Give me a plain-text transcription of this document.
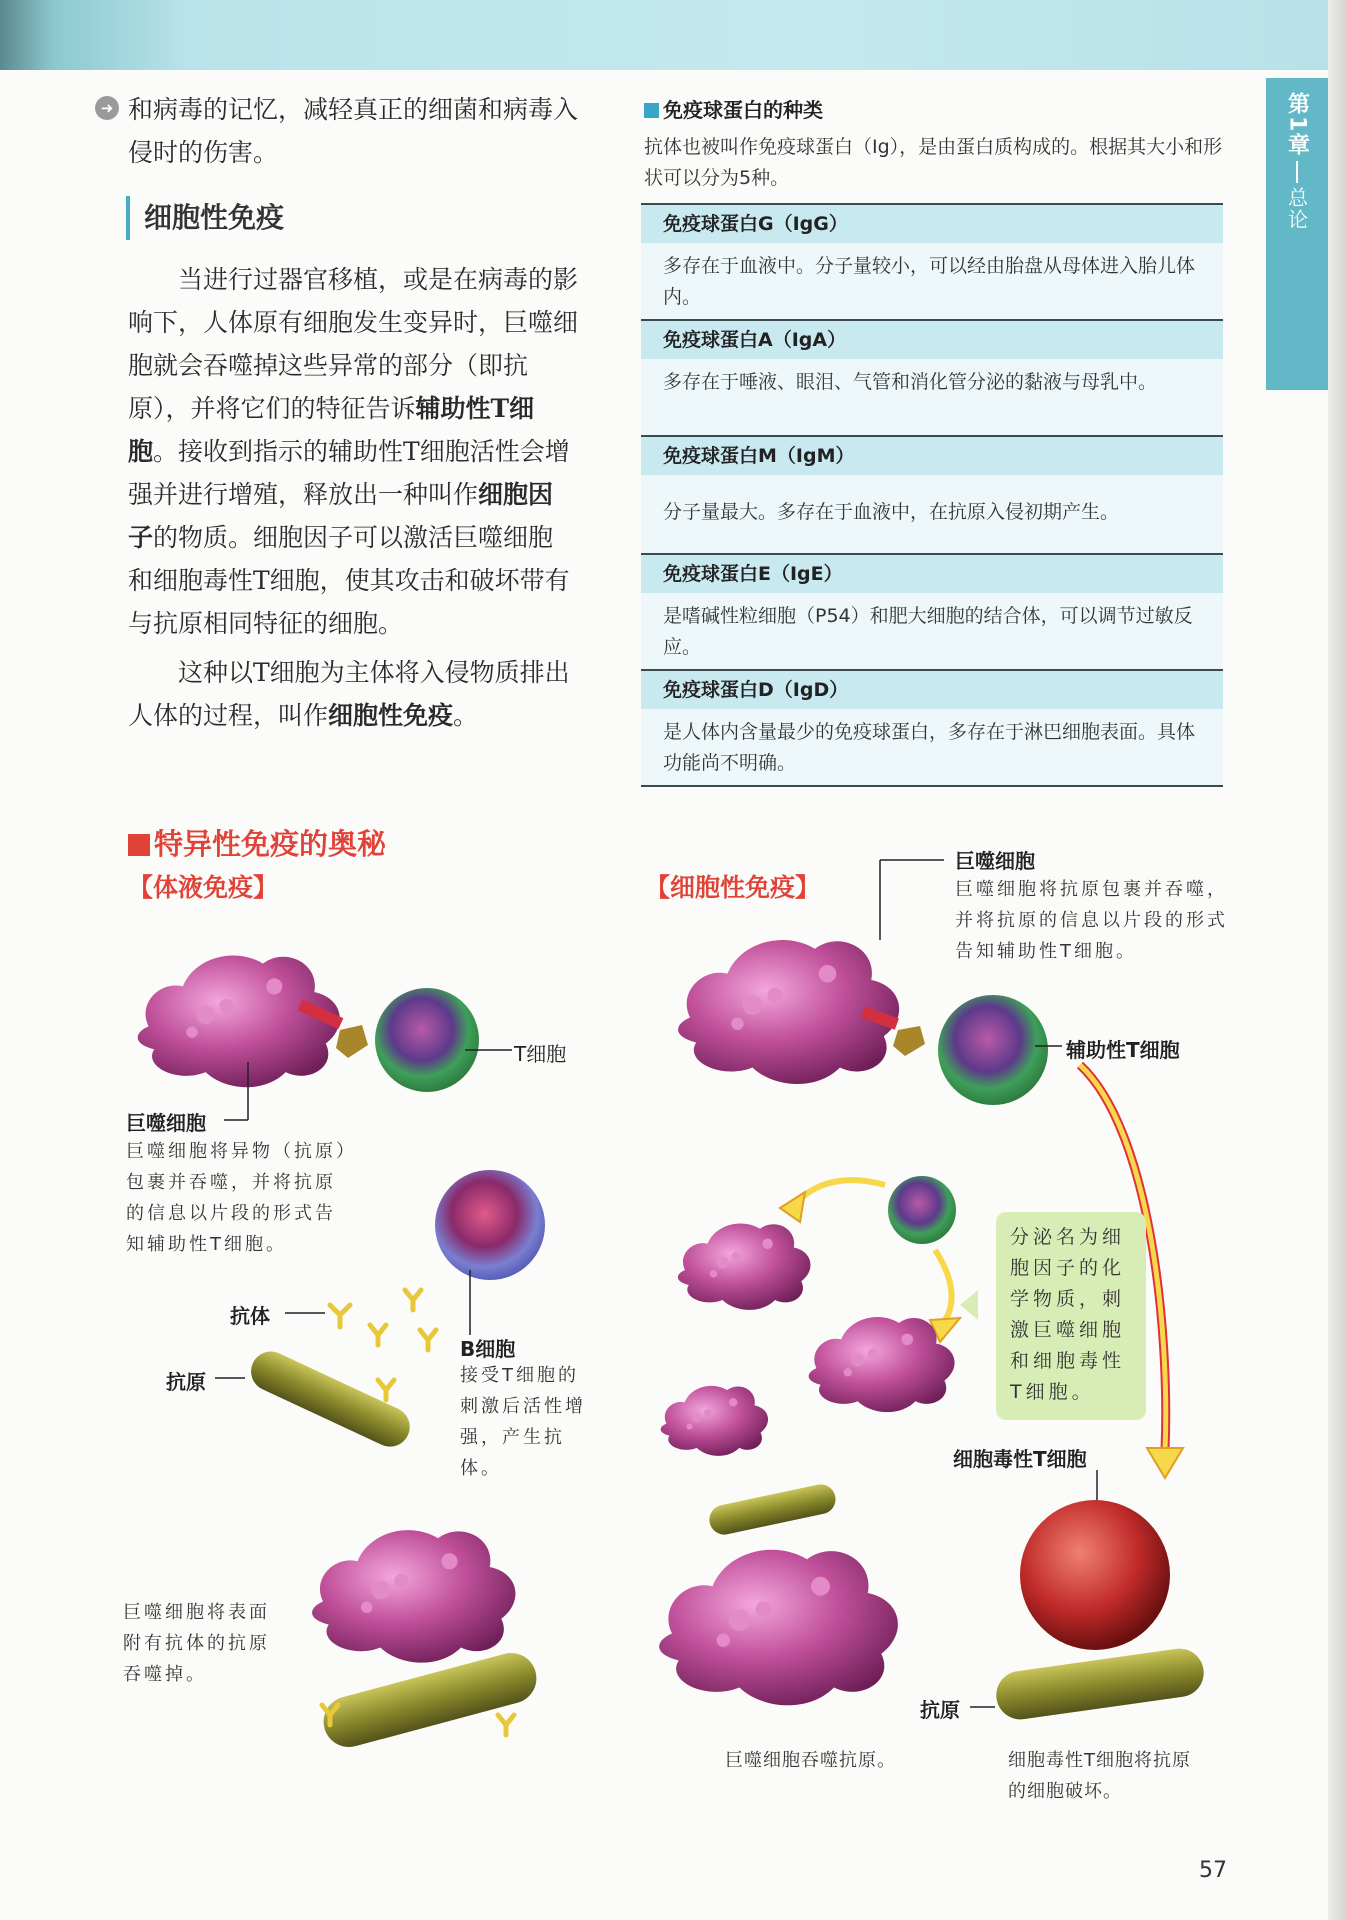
第1章
总论
➜ 和病毒的记忆，减轻真正的细菌和病毒入侵时的伤害。
细胞性免疫
当进行过器官移植，或是在病毒的影响下，人体原有细胞发生变异时，巨噬细胞就会吞噬掉这些异常的部分（即抗原），并将它们的特征告诉辅助性T细胞。接收到指示的辅助性T细胞活性会增强并进行增殖，释放出一种叫作细胞因子的物质。细胞因子可以激活巨噬细胞和细胞毒性T细胞，使其攻击和破坏带有与抗原相同特征的细胞。
这种以T细胞为主体将入侵物质排出人体的过程，叫作细胞性免疫。
免疫球蛋白的种类
抗体也被叫作免疫球蛋白（Ig），是由蛋白质构成的。根据其大小和形状可以分为5种。
免疫球蛋白G（IgG）
多存在于血液中。分子量较小，可以经由胎盘从母体进入胎儿体内。
免疫球蛋白A（IgA）
多存在于唾液、眼泪、气管和消化管分泌的黏液与母乳中。
免疫球蛋白M（IgM）
分子量最大。多存在于血液中，在抗原入侵初期产生。
免疫球蛋白E（IgE）
是嗜碱性粒细胞（P54）和肥大细胞的结合体，可以调节过敏反应。
免疫球蛋白D（IgD）
是人体内含量最少的免疫球蛋白，多存在于淋巴细胞表面。具体功能尚不明确。
特异性免疫的奥秘
【体液免疫】	【细胞性免疫】
T细胞
巨噬细胞
巨噬细胞将异物（抗原）包裹并吞噬，并将抗原的信息以片段的形式告知辅助性T细胞。
抗体
抗原
B细胞
接受T细胞的刺激后活性增强，产生抗体。
巨噬细胞将表面附有抗体的抗原吞噬掉。
巨噬细胞
巨噬细胞将抗原包裹并吞噬，并将抗原的信息以片段的形式告知辅助性T细胞。
辅助性T细胞
分泌名为细胞因子的化学物质，刺激巨噬细胞和细胞毒性T细胞。
细胞毒性T细胞
抗原
巨噬细胞吞噬抗原。	细胞毒性T细胞将抗原的细胞破坏。
57
